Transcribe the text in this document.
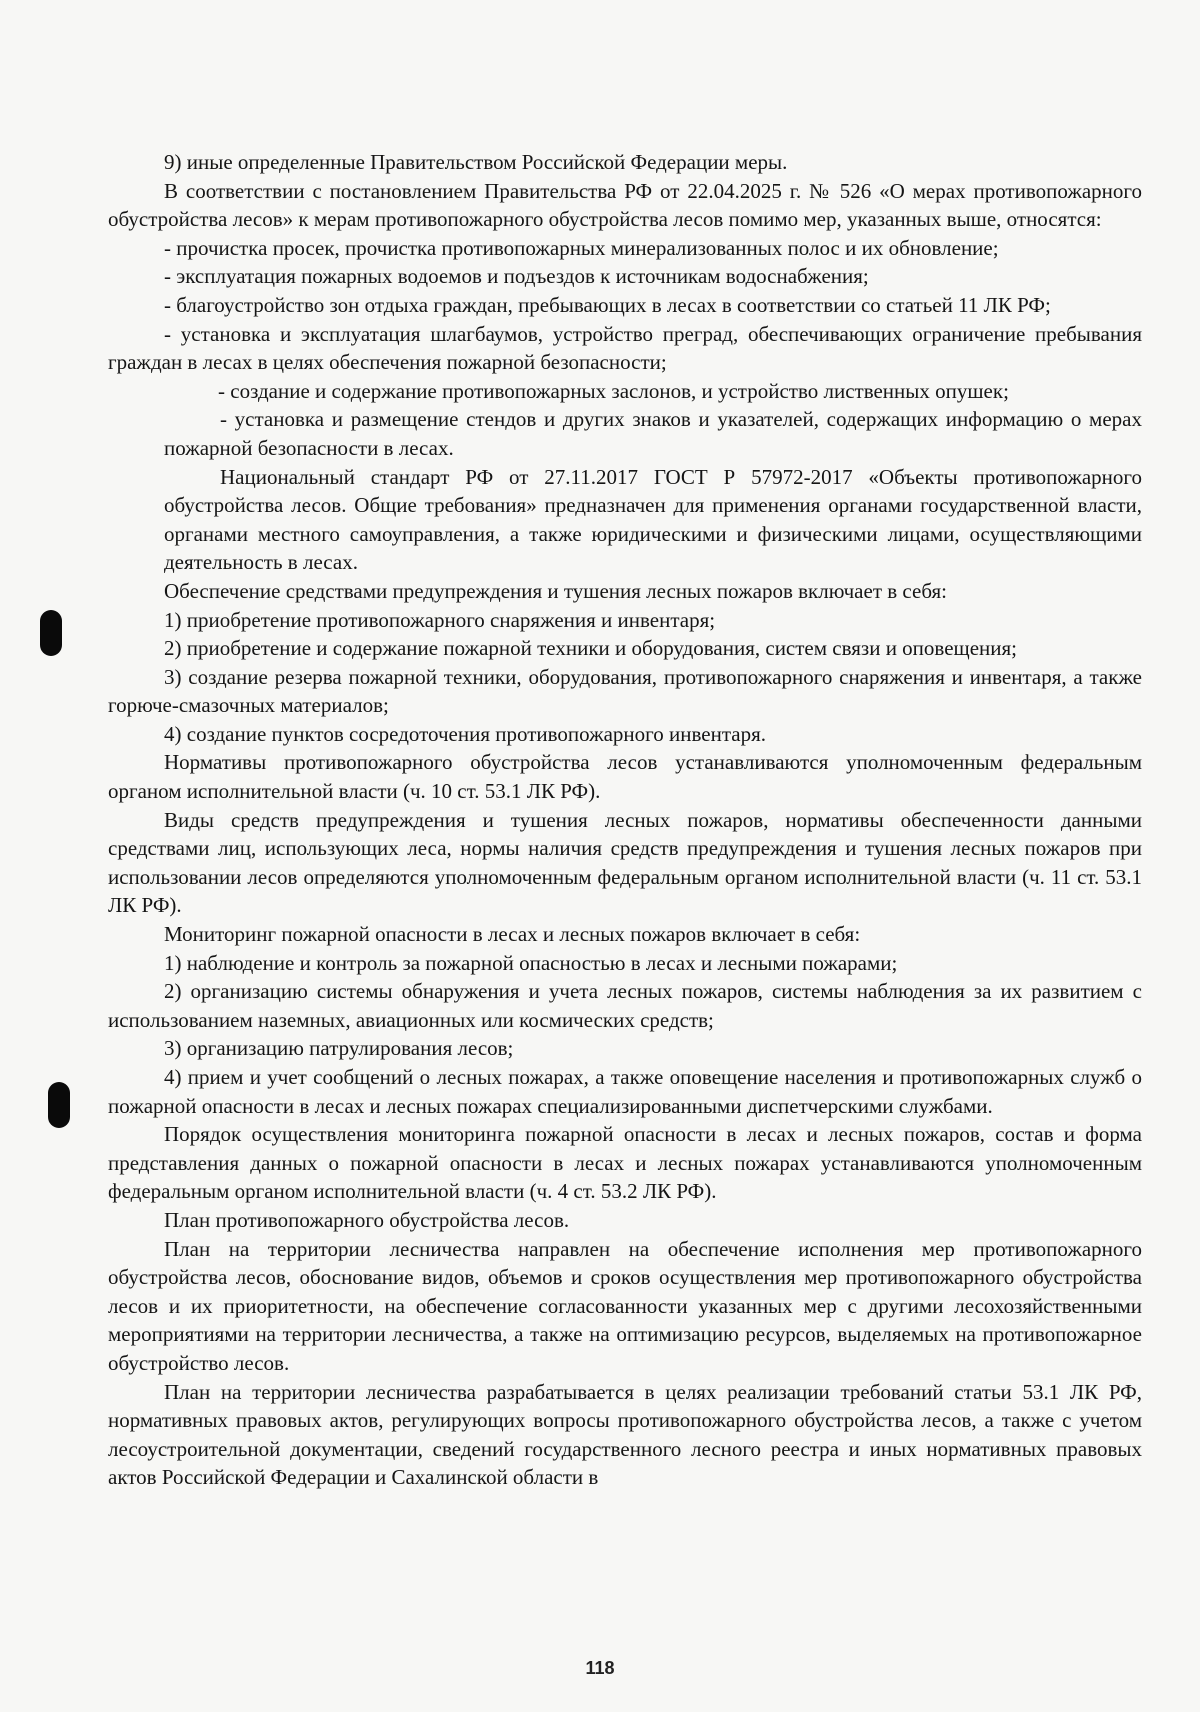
9) иные определенные Правительством Российской Федерации меры.

В соответствии с постановлением Правительства РФ от 22.04.2025 г. № 526 «О мерах противопожарного обустройства лесов» к мерам противопожарного обустройства лесов помимо мер, указанных выше, относятся:

- прочистка просек, прочистка противопожарных минерализованных полос и их обновление;

- эксплуатация пожарных водоемов и подъездов к источникам водоснабжения;

- благоустройство зон отдыха граждан, пребывающих в лесах в соответствии со статьей 11 ЛК РФ;

- установка и эксплуатация шлагбаумов, устройство преград, обеспечивающих ограничение пребывания граждан в лесах в целях обеспечения пожарной безопасности;

- создание и содержание противопожарных заслонов, и устройство лиственных опушек;

- установка и размещение стендов и других знаков и указателей, содержащих информацию о мерах пожарной безопасности в лесах.

Национальный стандарт РФ от 27.11.2017 ГОСТ Р 57972-2017 «Объекты противопожарного обустройства лесов. Общие требования» предназначен для применения органами государственной власти, органами местного самоуправления, а также юридическими и физическими лицами, осуществляющими деятельность в лесах.

Обеспечение средствами предупреждения и тушения лесных пожаров включает в себя:

1) приобретение противопожарного снаряжения и инвентаря;

2) приобретение и содержание пожарной техники и оборудования, систем связи и оповещения;

3) создание резерва пожарной техники, оборудования, противопожарного снаряжения и инвентаря, а также горюче-смазочных материалов;

4) создание пунктов сосредоточения противопожарного инвентаря.

Нормативы противопожарного обустройства лесов устанавливаются уполномоченным федеральным органом исполнительной власти (ч. 10 ст. 53.1 ЛК РФ).

Виды средств предупреждения и тушения лесных пожаров, нормативы обеспеченности данными средствами лиц, использующих леса, нормы наличия средств предупреждения и тушения лесных пожаров при использовании лесов определяются уполномоченным федеральным органом исполнительной власти (ч. 11 ст. 53.1 ЛК РФ).

Мониторинг пожарной опасности в лесах и лесных пожаров включает в себя:

1) наблюдение и контроль за пожарной опасностью в лесах и лесными пожарами;

2) организацию системы обнаружения и учета лесных пожаров, системы наблюдения за их развитием с использованием наземных, авиационных или космических средств;

3) организацию патрулирования лесов;

4) прием и учет сообщений о лесных пожарах, а также оповещение населения и противопожарных служб о пожарной опасности в лесах и лесных пожарах специализированными диспетчерскими службами.

Порядок осуществления мониторинга пожарной опасности в лесах и лесных пожаров, состав и форма представления данных о пожарной опасности в лесах и лесных пожарах устанавливаются уполномоченным федеральным органом исполнительной власти (ч. 4 ст. 53.2 ЛК РФ).

План противопожарного обустройства лесов.

План на территории лесничества направлен на обеспечение исполнения мер противопожарного обустройства лесов, обоснование видов, объемов и сроков осуществления мер противопожарного обустройства лесов и их приоритетности, на обеспечение согласованности указанных мер с другими лесохозяйственными мероприятиями на территории лесничества, а также на оптимизацию ресурсов, выделяемых на противопожарное обустройство лесов.

План на территории лесничества разрабатывается в целях реализации требований статьи 53.1 ЛК РФ, нормативных правовых актов, регулирующих вопросы противопожарного обустройства лесов, а также с учетом лесоустроительной документации, сведений государственного лесного реестра и иных нормативных правовых актов Российской Федерации и Сахалинской области в

118
